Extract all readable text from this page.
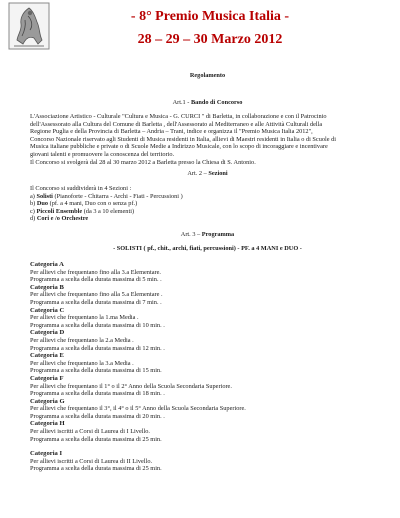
- 8° Premio Musica Italia -
28 – 29 – 30 Marzo 2012
Regolamento
Art.1 - Bando di Concorso
L'Associazione Artistico - Culturale "Cultura e Musica - G. CURCI " di Barletta, in collaborazione e con il Patrocinio
dell'Assessorato alla Cultura del Comune di Barletta , dell'Assessorato al Mediterraneo e alle Attività Culturali della
Regione Puglia e della Provincia di Barletta – Andria – Trani, indice e organizza il "Premio Musica Italia 2012",
Concorso Nazionale riservato agli Studenti di Musica residenti in Italia, allievi di Maestri residenti in Italia o di Scuole di
Musica italiane pubbliche e private o di Scuole Medie a Indirizzo Musicale, con lo scopo di incoraggiare e incentivare
giovani talenti e promuovere la conoscenza del territorio.
Il Concorso si svolgerà dal 28 al 30 marzo 2012 a Barletta presso la Chiesa di S. Antonio.
Art. 2 – Sezioni
Il Concorso si suddividerà in 4 Sezioni :
a) Solisti (Pianoforte - Chitarra - Archi - Fiati - Percussioni )
b) Duo (pf. a 4 mani, Duo con o senza pf.)
c) Piccoli Ensemble (da 3 a 10 elementi)
d) Cori e /o Orchestre
Art. 3 – Programma
- SOLISTI ( pf., chit., archi, fiati, percussioni) - PF. a 4 MANI e DUO -
Categoria A
Per allievi che frequentano fino alla 3.a Elementare.
Programma a scelta della durata massima di 5 min. .
Categoria B
Per allievi che frequentano fino alla 5.a Elementare .
Programma a scelta della durata massima di 7 min. .
Categoria C
Per allievi che frequentano la 1.ma Media .
Programma a scelta della durata massima di 10 min. .
Categoria D
Per allievi che frequentano la 2.a Media .
Programma a scelta della durata massima di 12 min. .
Categoria E
Per allievi che frequentano la 3.a Media .
Programma a scelta della durata massima di 15 min.
Categoria F
Per allievi che frequentano il 1° o il 2° Anno della Scuola Secondaria Superiore.
Programma a scelta della durata massima di 18 min. .
Categoria G
Per allievi che frequentano il 3°, il 4° o il 5° Anno della Scuola Secondaria Superiore.
Programma a scelta della durata massima di 20 min. .
Categoria H
Per allievi iscritti a Corsi di Laurea di I Livello.
Programma a scelta della durata massima di 25 min.
Categoria I
Per allievi iscritti a Corsi di Laurea di II Livello.
Programma a scelta della durata massima di 25 min.
